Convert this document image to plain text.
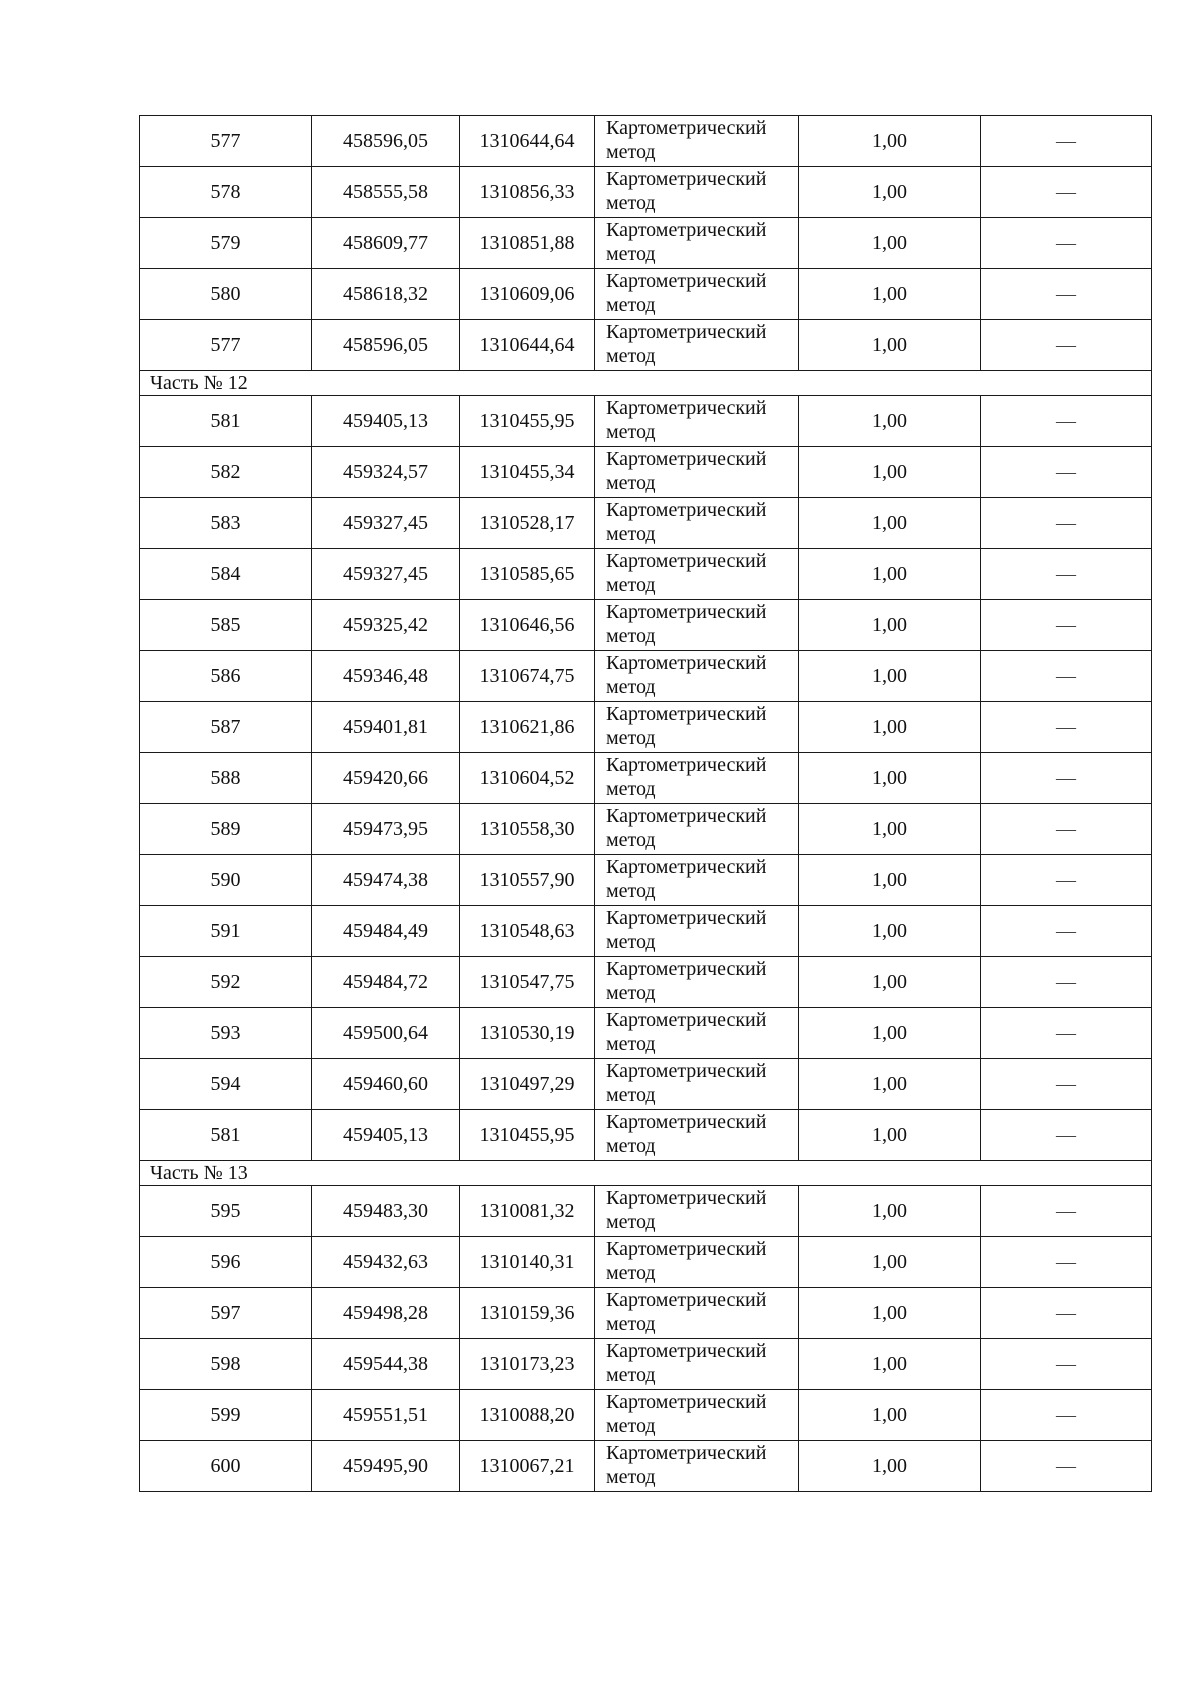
577	458596,05	1310644,64	Картометрический метод	1,00	—
578	458555,58	1310856,33	Картометрический метод	1,00	—
579	458609,77	1310851,88	Картометрический метод	1,00	—
580	458618,32	1310609,06	Картометрический метод	1,00	—
577	458596,05	1310644,64	Картометрический метод	1,00	—
Часть № 12					
581	459405,13	1310455,95	Картометрический метод	1,00	—
582	459324,57	1310455,34	Картометрический метод	1,00	—
583	459327,45	1310528,17	Картометрический метод	1,00	—
584	459327,45	1310585,65	Картометрический метод	1,00	—
585	459325,42	1310646,56	Картометрический метод	1,00	—
586	459346,48	1310674,75	Картометрический метод	1,00	—
587	459401,81	1310621,86	Картометрический метод	1,00	—
588	459420,66	1310604,52	Картометрический метод	1,00	—
589	459473,95	1310558,30	Картометрический метод	1,00	—
590	459474,38	1310557,90	Картометрический метод	1,00	—
591	459484,49	1310548,63	Картометрический метод	1,00	—
592	459484,72	1310547,75	Картометрический метод	1,00	—
593	459500,64	1310530,19	Картометрический метод	1,00	—
594	459460,60	1310497,29	Картометрический метод	1,00	—
581	459405,13	1310455,95	Картометрический метод	1,00	—
Часть № 13					
595	459483,30	1310081,32	Картометрический метод	1,00	—
596	459432,63	1310140,31	Картометрический метод	1,00	—
597	459498,28	1310159,36	Картометрический метод	1,00	—
598	459544,38	1310173,23	Картометрический метод	1,00	—
599	459551,51	1310088,20	Картометрический метод	1,00	—
600	459495,90	1310067,21	Картометрический метод	1,00	—
